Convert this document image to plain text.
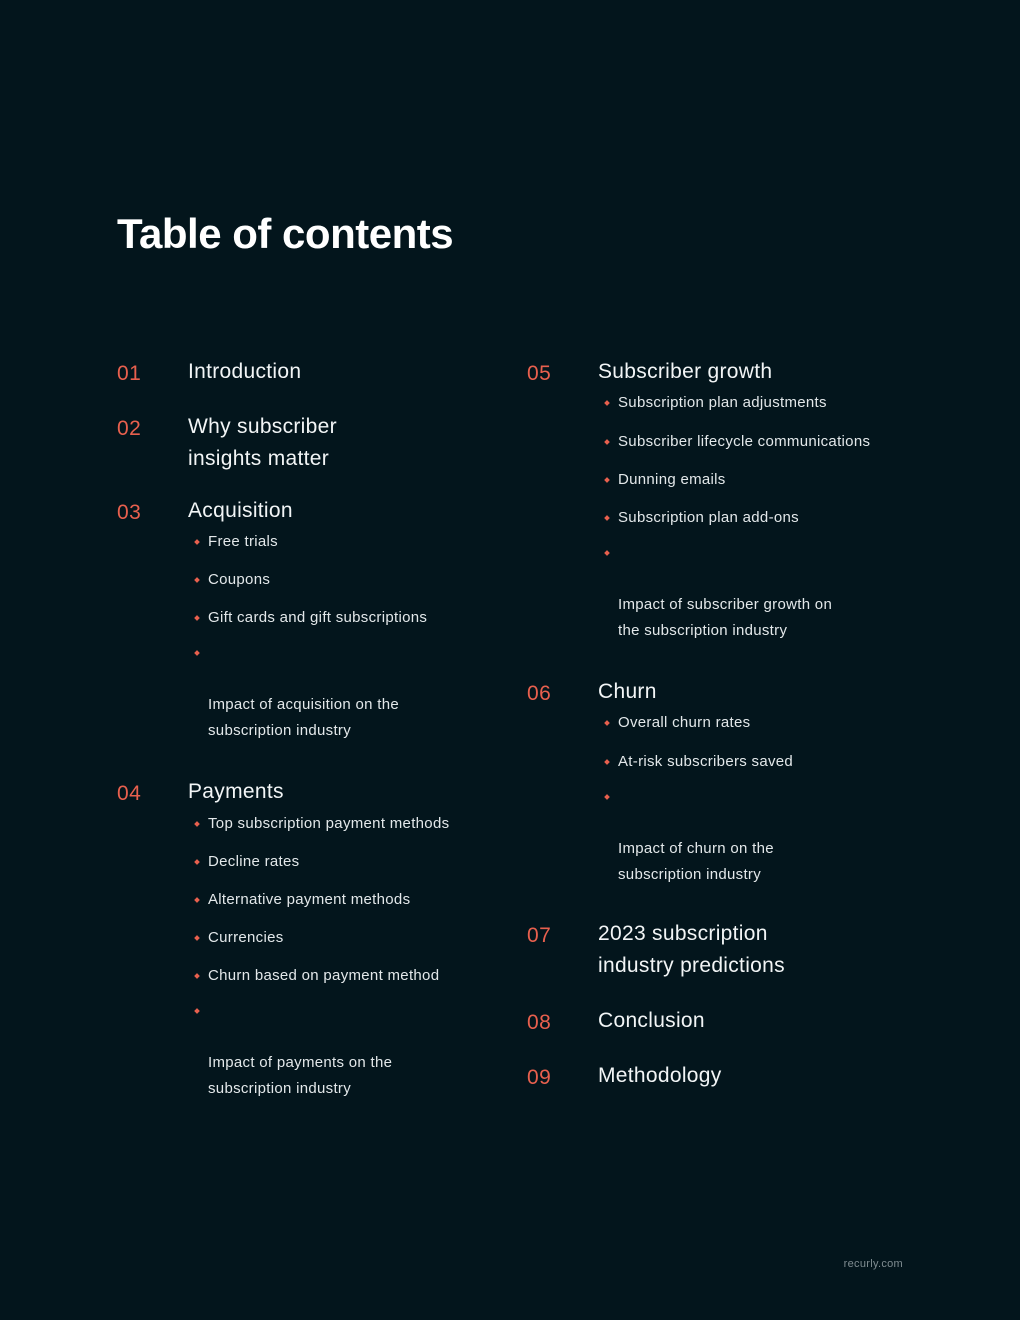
Table of contents
01	Introduction
02	Why subscriber
insights matter
03	Acquisition
Free trials
Coupons
Gift cards and gift subscriptions

Impact of acquisition on the
subscription industry

04	Payments
Top subscription payment methods
Decline rates
Alternative payment methods
Currencies
Churn based on payment method

Impact of payments on the
subscription industry

05	Subscriber growth
Subscription plan adjustments
Subscriber lifecycle communications
Dunning emails
Subscription plan add-ons

Impact of subscriber growth on
the subscription industry

06	Churn
Overall churn rates
At-risk subscribers saved

Impact of churn on the
subscription industry

07	2023 subscription
industry predictions
08	Conclusion
09	Methodology
recurly.com
